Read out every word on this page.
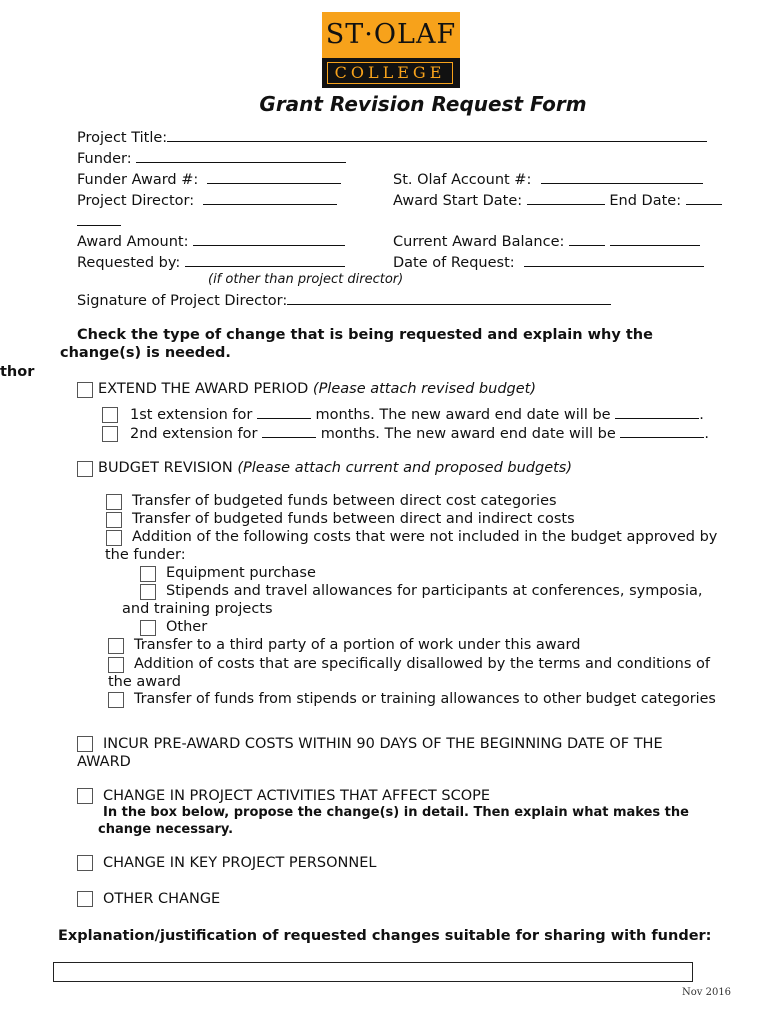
ST·OLAF
COLLEGE
Grant Revision Request Form
Project Title:
Funder:
Funder Award #:	St. Olaf Account #:
Project Director:	Award Start Date:	End Date:
Award Amount:	Current Award Balance:
Requested by:	Date of Request:
(if other than project director)
Signature of Project Director:
Check the type of change that is being requested and explain why the
change(s) is needed.
thor
EXTEND THE AWARD PERIOD (Please attach revised budget)
1st extension for	months. The new award end date will be	.
2nd extension for	months. The new award end date will be	.
BUDGET REVISION (Please attach current and proposed budgets)
Transfer of budgeted funds between direct cost categories
Transfer of budgeted funds between direct and indirect costs
Addition of the following costs that were not included in the budget approved by
the funder:
Equipment purchase
Stipends and travel allowances for participants at conferences, symposia,
and training projects
Other
Transfer to a third party of a portion of work under this award
Addition of costs that are specifically disallowed by the terms and conditions of
the award
Transfer of funds from stipends or training allowances to other budget categories
INCUR PRE-AWARD COSTS WITHIN 90 DAYS OF THE BEGINNING DATE OF THE
AWARD
CHANGE IN PROJECT ACTIVITIES THAT AFFECT SCOPE
In the box below, propose the change(s) in detail. Then explain what makes the
change necessary.
CHANGE IN KEY PROJECT PERSONNEL
OTHER CHANGE
Explanation/justification of requested changes suitable for sharing with funder:
Nov 2016
